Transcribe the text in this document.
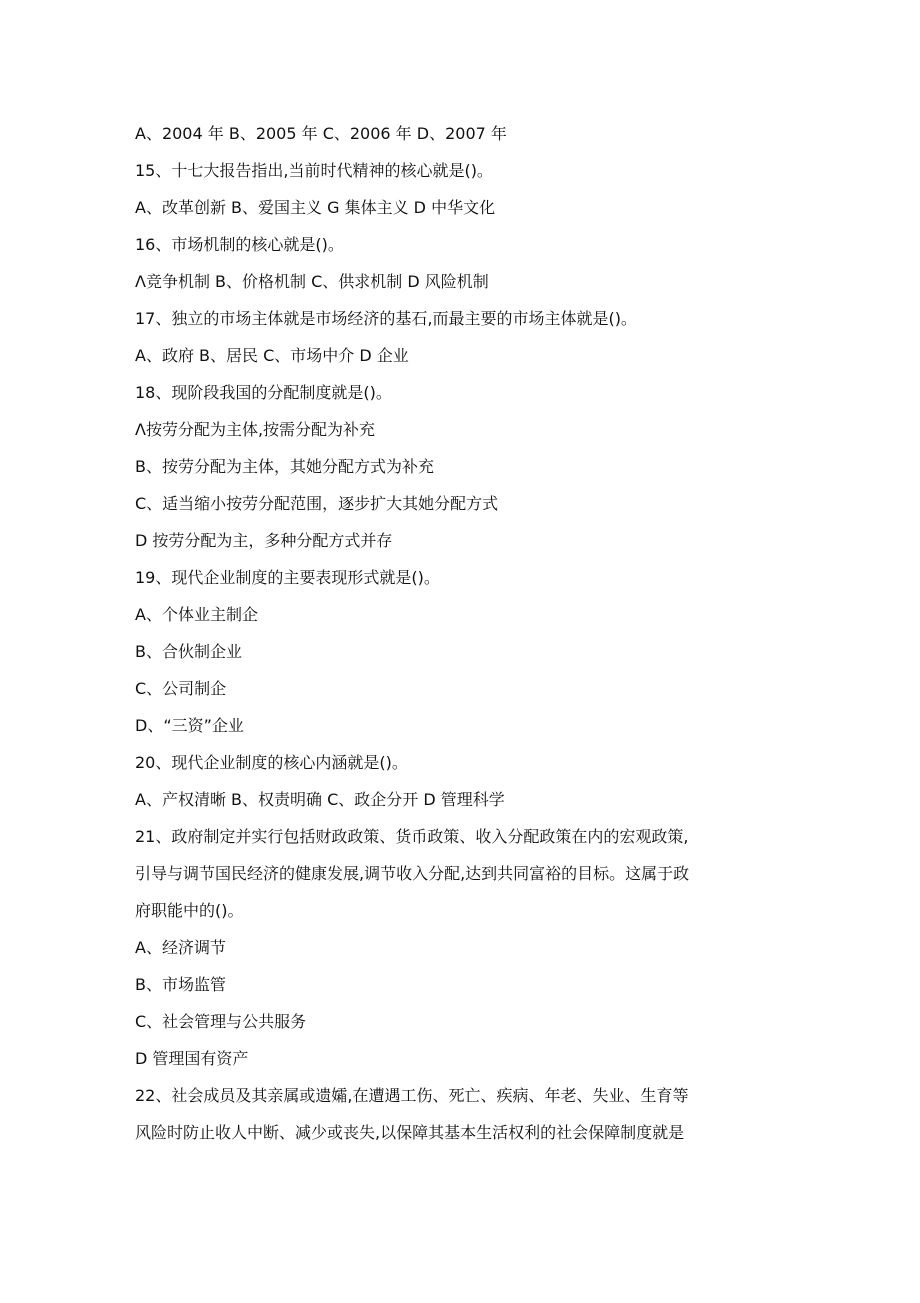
A、2004 年 B、2005 年 C、2006 年 D、2007 年
15、十七大报告指出,当前时代精神的核心就是()。
A、改革创新 B、爱国主义 G 集体主义 D 中华文化
16、市场机制的核心就是()。
Λ竞争机制 B、价格机制 C、供求机制 D 风险机制
17、独立的市场主体就是市场经济的基石,而最主要的市场主体就是()。
A、政府 B、居民 C、市场中介 D 企业
18、现阶段我国的分配制度就是()。
Λ按劳分配为主体,按需分配为补充
B、按劳分配为主体，其她分配方式为补充
C、适当缩小按劳分配范围，逐步扩大其她分配方式
D 按劳分配为主，多种分配方式并存
19、现代企业制度的主要表现形式就是()。
A、个体业主制企
B、合伙制企业
C、公司制企
D、“三资”企业
20、现代企业制度的核心内涵就是()。
A、产权清晰 B、权责明确 C、政企分开 D 管理科学
21、政府制定并实行包括财政政策、货币政策、收入分配政策在内的宏观政策,
引导与调节国民经济的健康发展,调节收入分配,达到共同富裕的目标。这属于政
府职能中的()。
A、经济调节
B、市场监管
C、社会管理与公共服务
D 管理国有资产
22、社会成员及其亲属或遗孀,在遭遇工伤、死亡、疾病、年老、失业、生育等
风险时防止收人中断、减少或丧失,以保障其基本生活权利的社会保障制度就是
